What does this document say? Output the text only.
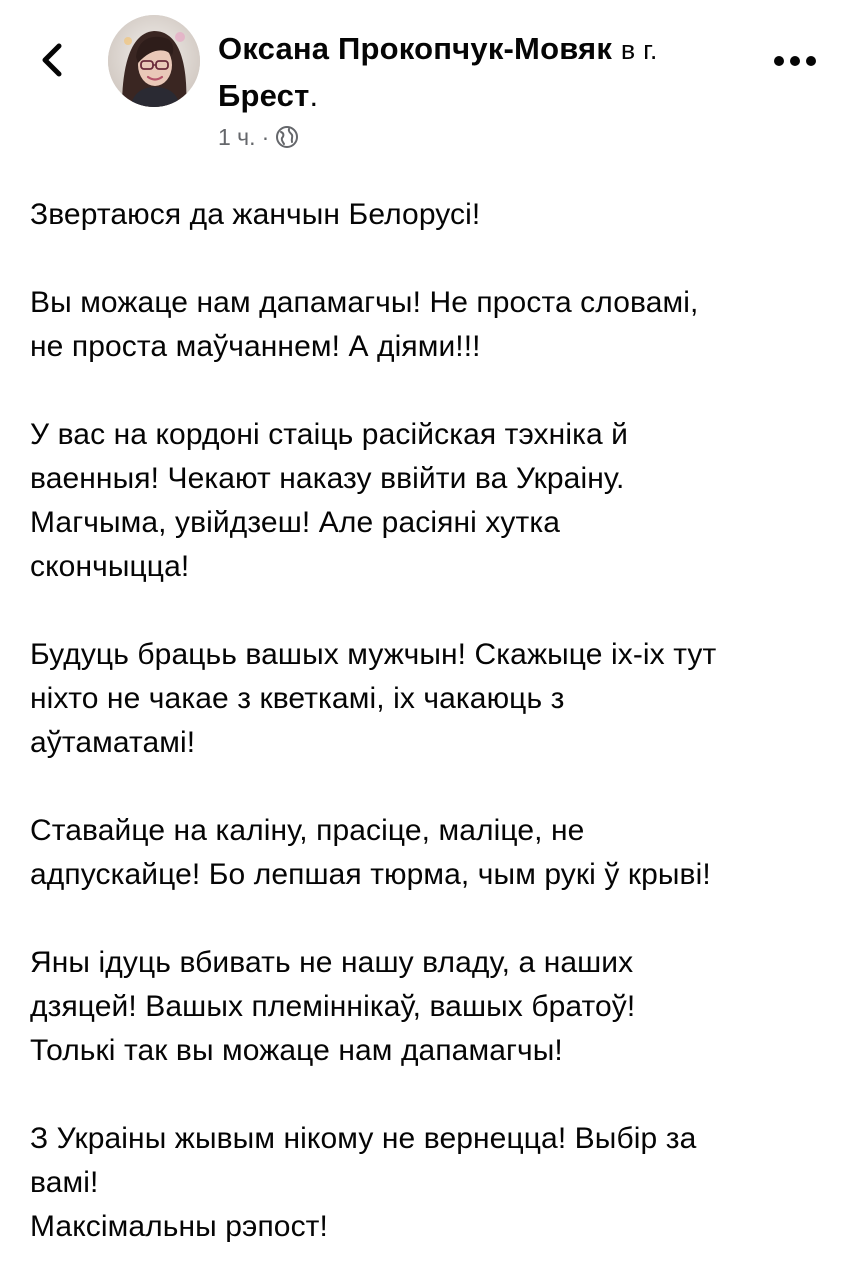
Оксана Прокопчук-Мовяк в г.
Брест.
1 ч. ·

Звертаюся да жанчын Белорусі!

Вы можаце нам дапамагчы! Не проста словамі,
не проста маўчаннем! А діями!!!

У вас на кордоні стаіць расійская тэхніка й
ваенныя! Чекают наказу ввійти ва Украіну.
Магчыма, увійдзеш! Але расіяні хутка
скончыцца!

Будуць брацьь вашых мужчын! Скажыце іх-іх тут
ніхто не чакае з кветкамі, іх чакаюць з
аўтаматамі!

Ставайце на каліну, прасіце, маліце, не
адпускайце! Бо лепшая тюрма, чым рукі ў крыві!

Яны ідуць вбивать не нашу владу, а наших
дзяцей! Вашых племіннікаў, вашых братоў!
Толькі так вы можаце нам дапамагчы!

З Украіны жывым нікому не вернецца! Выбір за
вамі!
Максімальны рэпост!
